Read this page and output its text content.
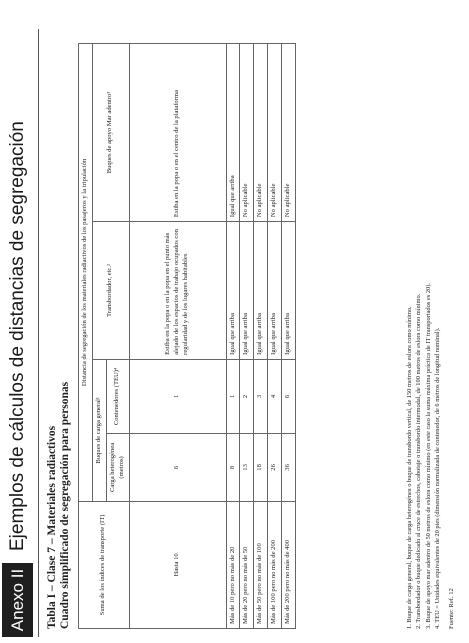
Anexo II
Ejemplos de cálculos de distancias de segregación	Tabla I – Clase 7 – Materiales radiactivos Cuadro simplificado de segregación para personas	Suma de los índices de transporte (IT)	Distancia de segregación de los materiales radiactivos de los pasajeros y la tripulación			
	Buques de carga general¹		Transbordador, etc.²	Buques de apoyo Mar adentro³
	Carga heterogénea (metros)	Contenedores (TEU)⁴		
Hasta 10	6	1	Estiba en la popa o en la popa en el punto más alejado de los espacios de trabajo ocupados con regularidad y de los lugares habitables	Estiba en la popa o en el centro de la plataforma
Más de 10 pero no más de 20	8	1	Igual que arriba	Igual que arriba
Más de 20 pero no más de 50	13	2	Igual que arriba	No aplicable
Más de 50 pero no más de 100	18	3	Igual que arriba	No aplicable
Más de 100 pero no más de 200	26	4	Igual que arriba	No aplicable
Más de 200 pero no más de 400	36	6	Igual que arriba	No aplicable
1. Buque de carga general, buque de carga heterogénea o buque de transbordo vertical, de 150 metros de eslora como mínimo. 2. Transbordador o buque dedicado al cruce de estrechos, cabotaje o transbordo intermodal, de 100 metros de eslora como mínimo. 3. Buque de apoyo mar adentro de 50 metros de eslora como mínimo (en este caso la suma máxima práctica de IT transportados es 20). 4. TEU = Unidades equivalentes de 20 pies (dimensión normalizada de contenedor, de 6 metros de longitud nominal). Fuente: Ref. 12
